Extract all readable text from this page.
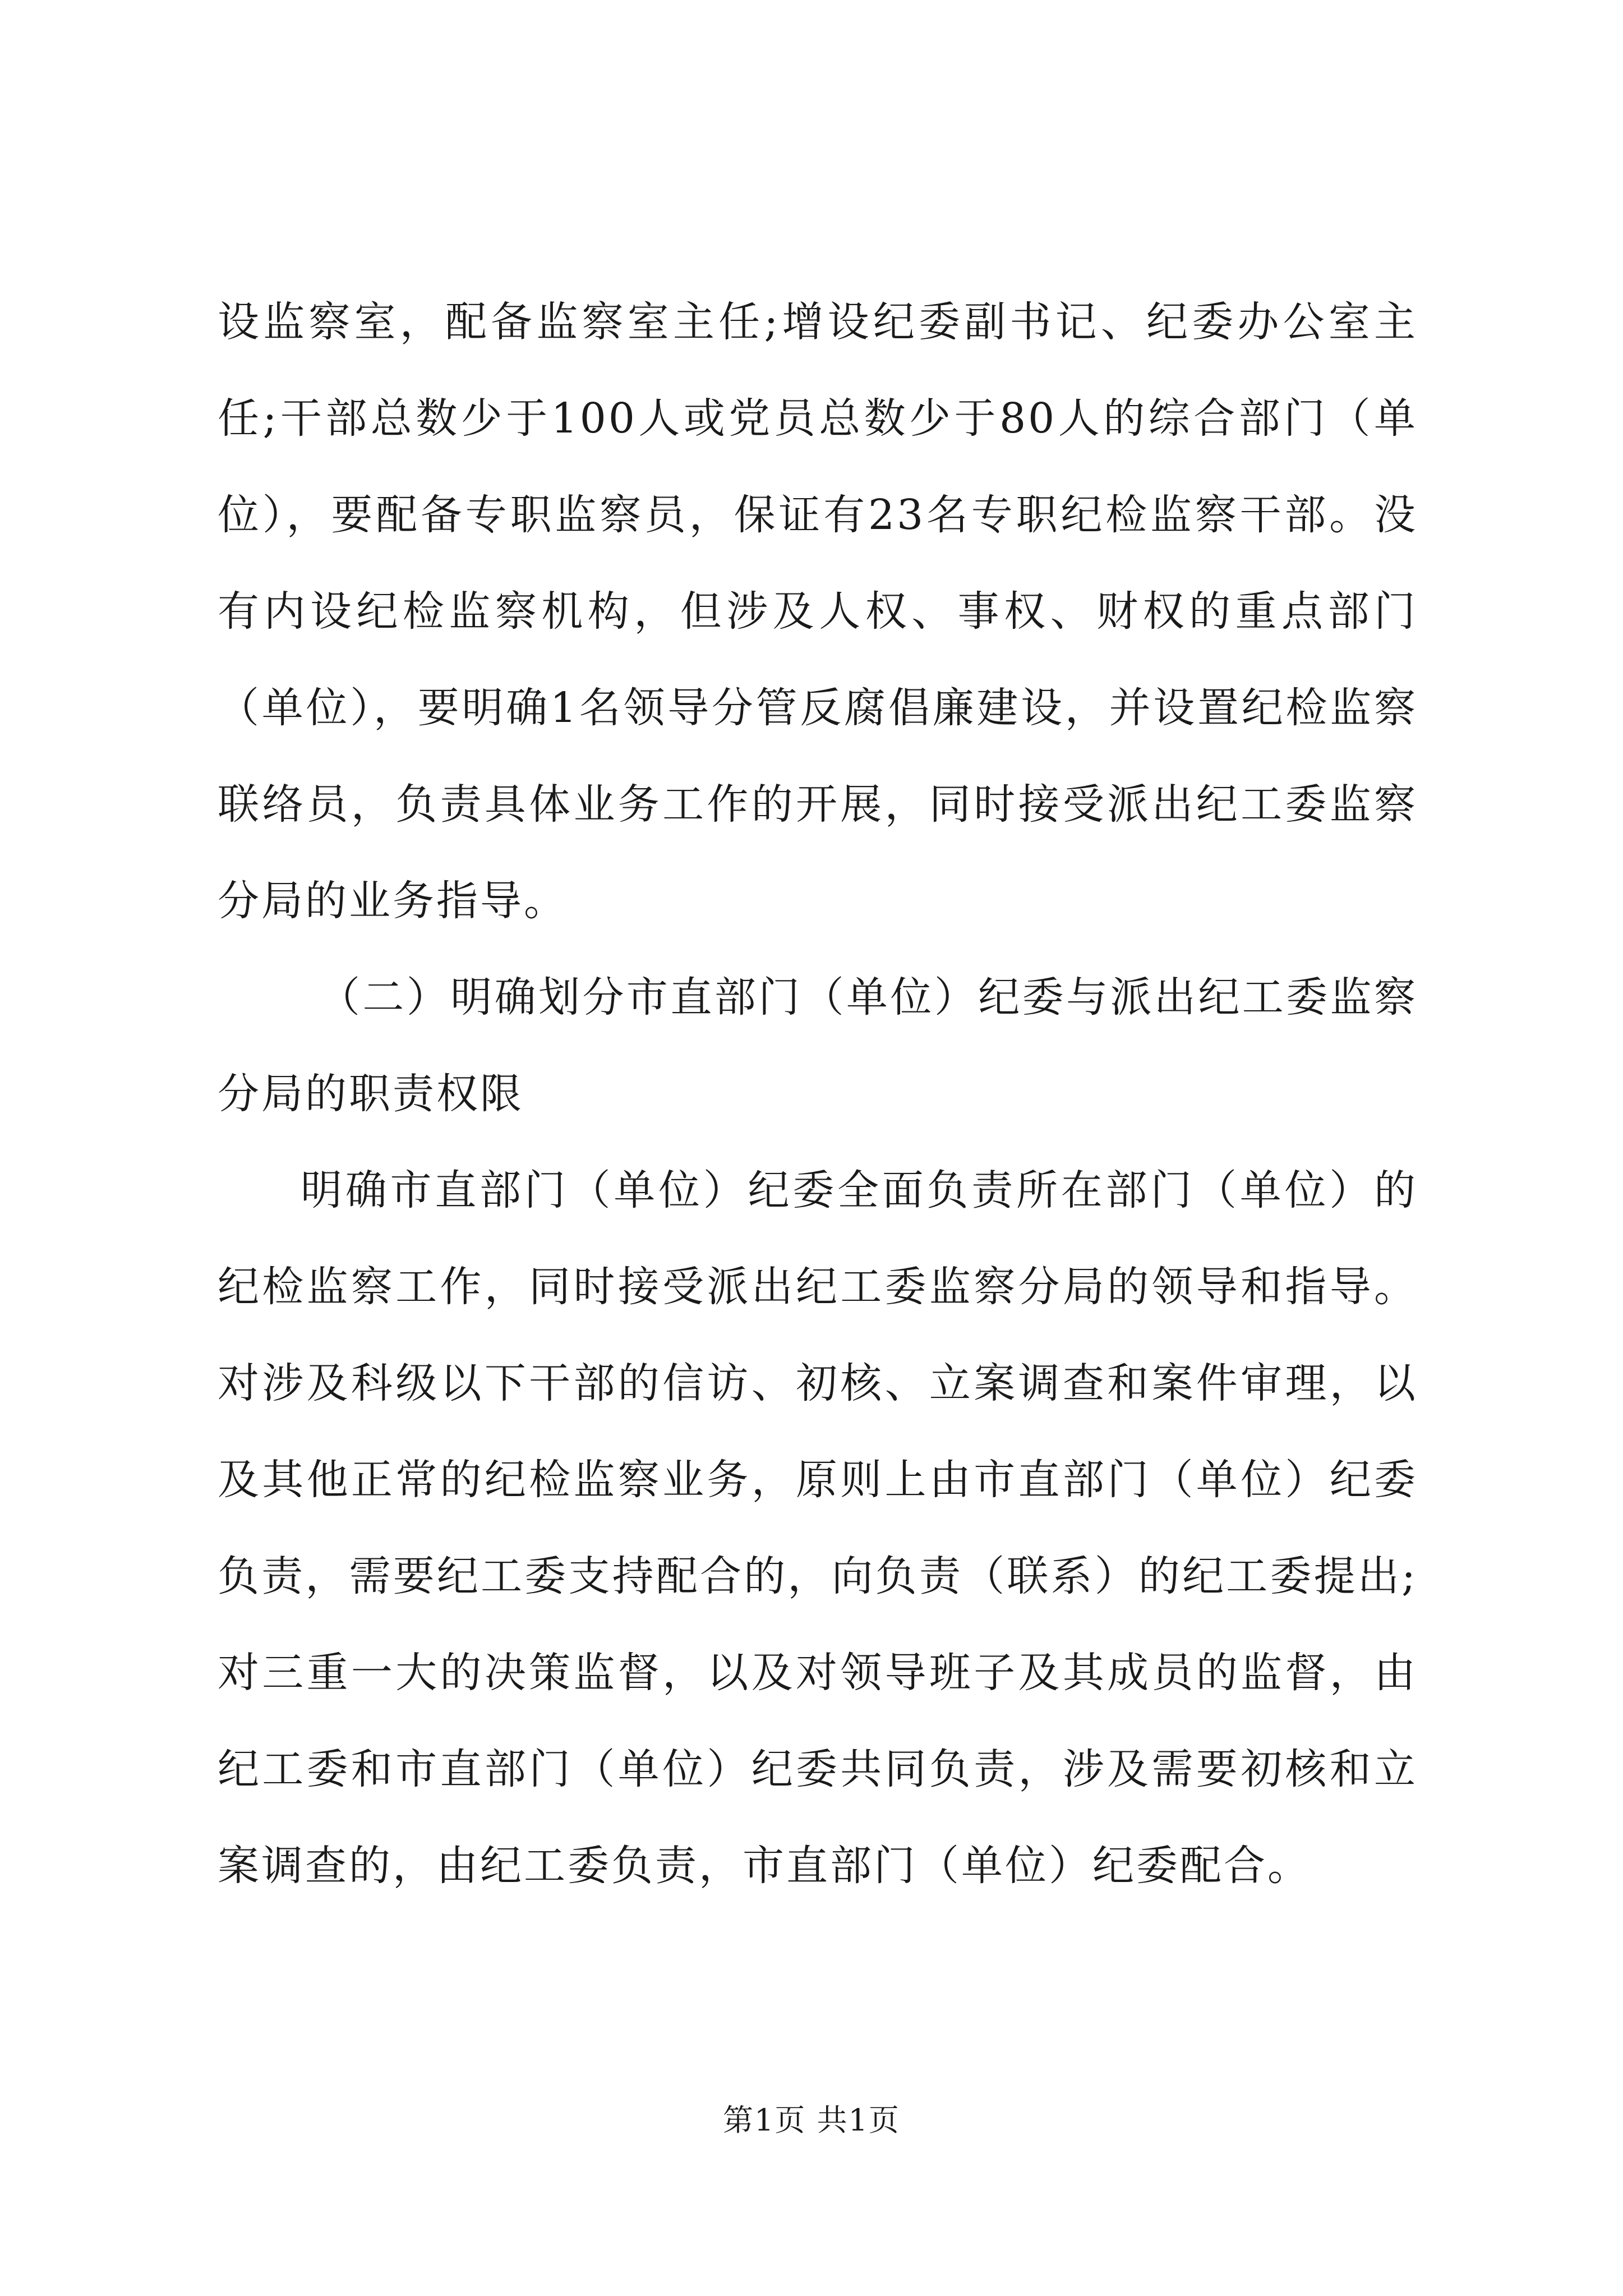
设监察室，配备监察室主任;增设纪委副书记、纪委办公室主任;干部总数少于100人或党员总数少于80人的综合部门（单位），要配备专职监察员，保证有23名专职纪检监察干部。没有内设纪检监察机构，但涉及人权、事权、财权的重点部门（单位），要明确1名领导分管反腐倡廉建设，并设置纪检监察联络员，负责具体业务工作的开展，同时接受派出纪工委监察分局的业务指导。

（二）明确划分市直部门（单位）纪委与派出纪工委监察分局的职责权限

明确市直部门（单位）纪委全面负责所在部门（单位）的纪检监察工作，同时接受派出纪工委监察分局的领导和指导。对涉及科级以下干部的信访、初核、立案调查和案件审理，以及其他正常的纪检监察业务，原则上由市直部门（单位）纪委负责，需要纪工委支持配合的，向负责（联系）的纪工委提出;对三重一大的决策监督，以及对领导班子及其成员的监督，由纪工委和市直部门（单位）纪委共同负责，涉及需要初核和立案调查的，由纪工委负责，市直部门（单位）纪委配合。

第1页 共1页
